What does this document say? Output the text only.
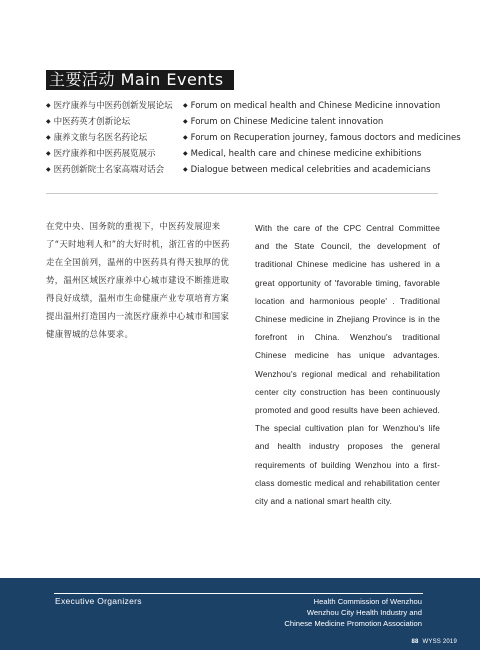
主要活动 Main Events
◆ 医疗康养与中医药创新发展论坛 ◆ Forum on medical health and Chinese Medicine innovation
◆ 中医药英才创新论坛	◆ Forum on Chinese Medicine talent innovation
◆ 康养文旅与名医名药论坛	◆ Forum on Recuperation journey, famous doctors and medicines
◆ 医疗康养和中医药展览展示	◆ Medical, health care and chinese medicine exhibitions
◆ 医药创新院士名家高端对话会	◆ Dialogue between medical celebrities and academicians
在党中央、国务院的重视下，中医药发展迎来了“天时地利人和”的大好时机，浙江省的中医药走在全国前列，温州的中医药具有得天独厚的优势，温州区域医疗康养中心城市建设不断推进取得良好成绩，温州市生命健康产业专项培育方案提出温州打造国内一流医疗康养中心城市和国家健康智城的总体要求。
With the care of the CPC Central Committee and the State Council, the development of traditional Chinese medicine has ushered in a great opportunity of 'favorable timing, favorable location and harmonious people' . Traditional Chinese medicine in Zhejiang Province is in the forefront in China. Wenzhou's traditional Chinese medicine has unique advantages. Wenzhou's regional medical and rehabilitation center city construction has been continuously promoted and good results have been achieved. The special cultivation plan for Wenzhou's life and health industry proposes the general requirements of building Wenzhou into a first-class domestic medical and rehabilitation center city and a national smart health city.
Executive Organizers	Health Commission of Wenzhou
Wenzhou City Health Industry and
Chinese Medicine Promotion Association
88 WYSS 2019
